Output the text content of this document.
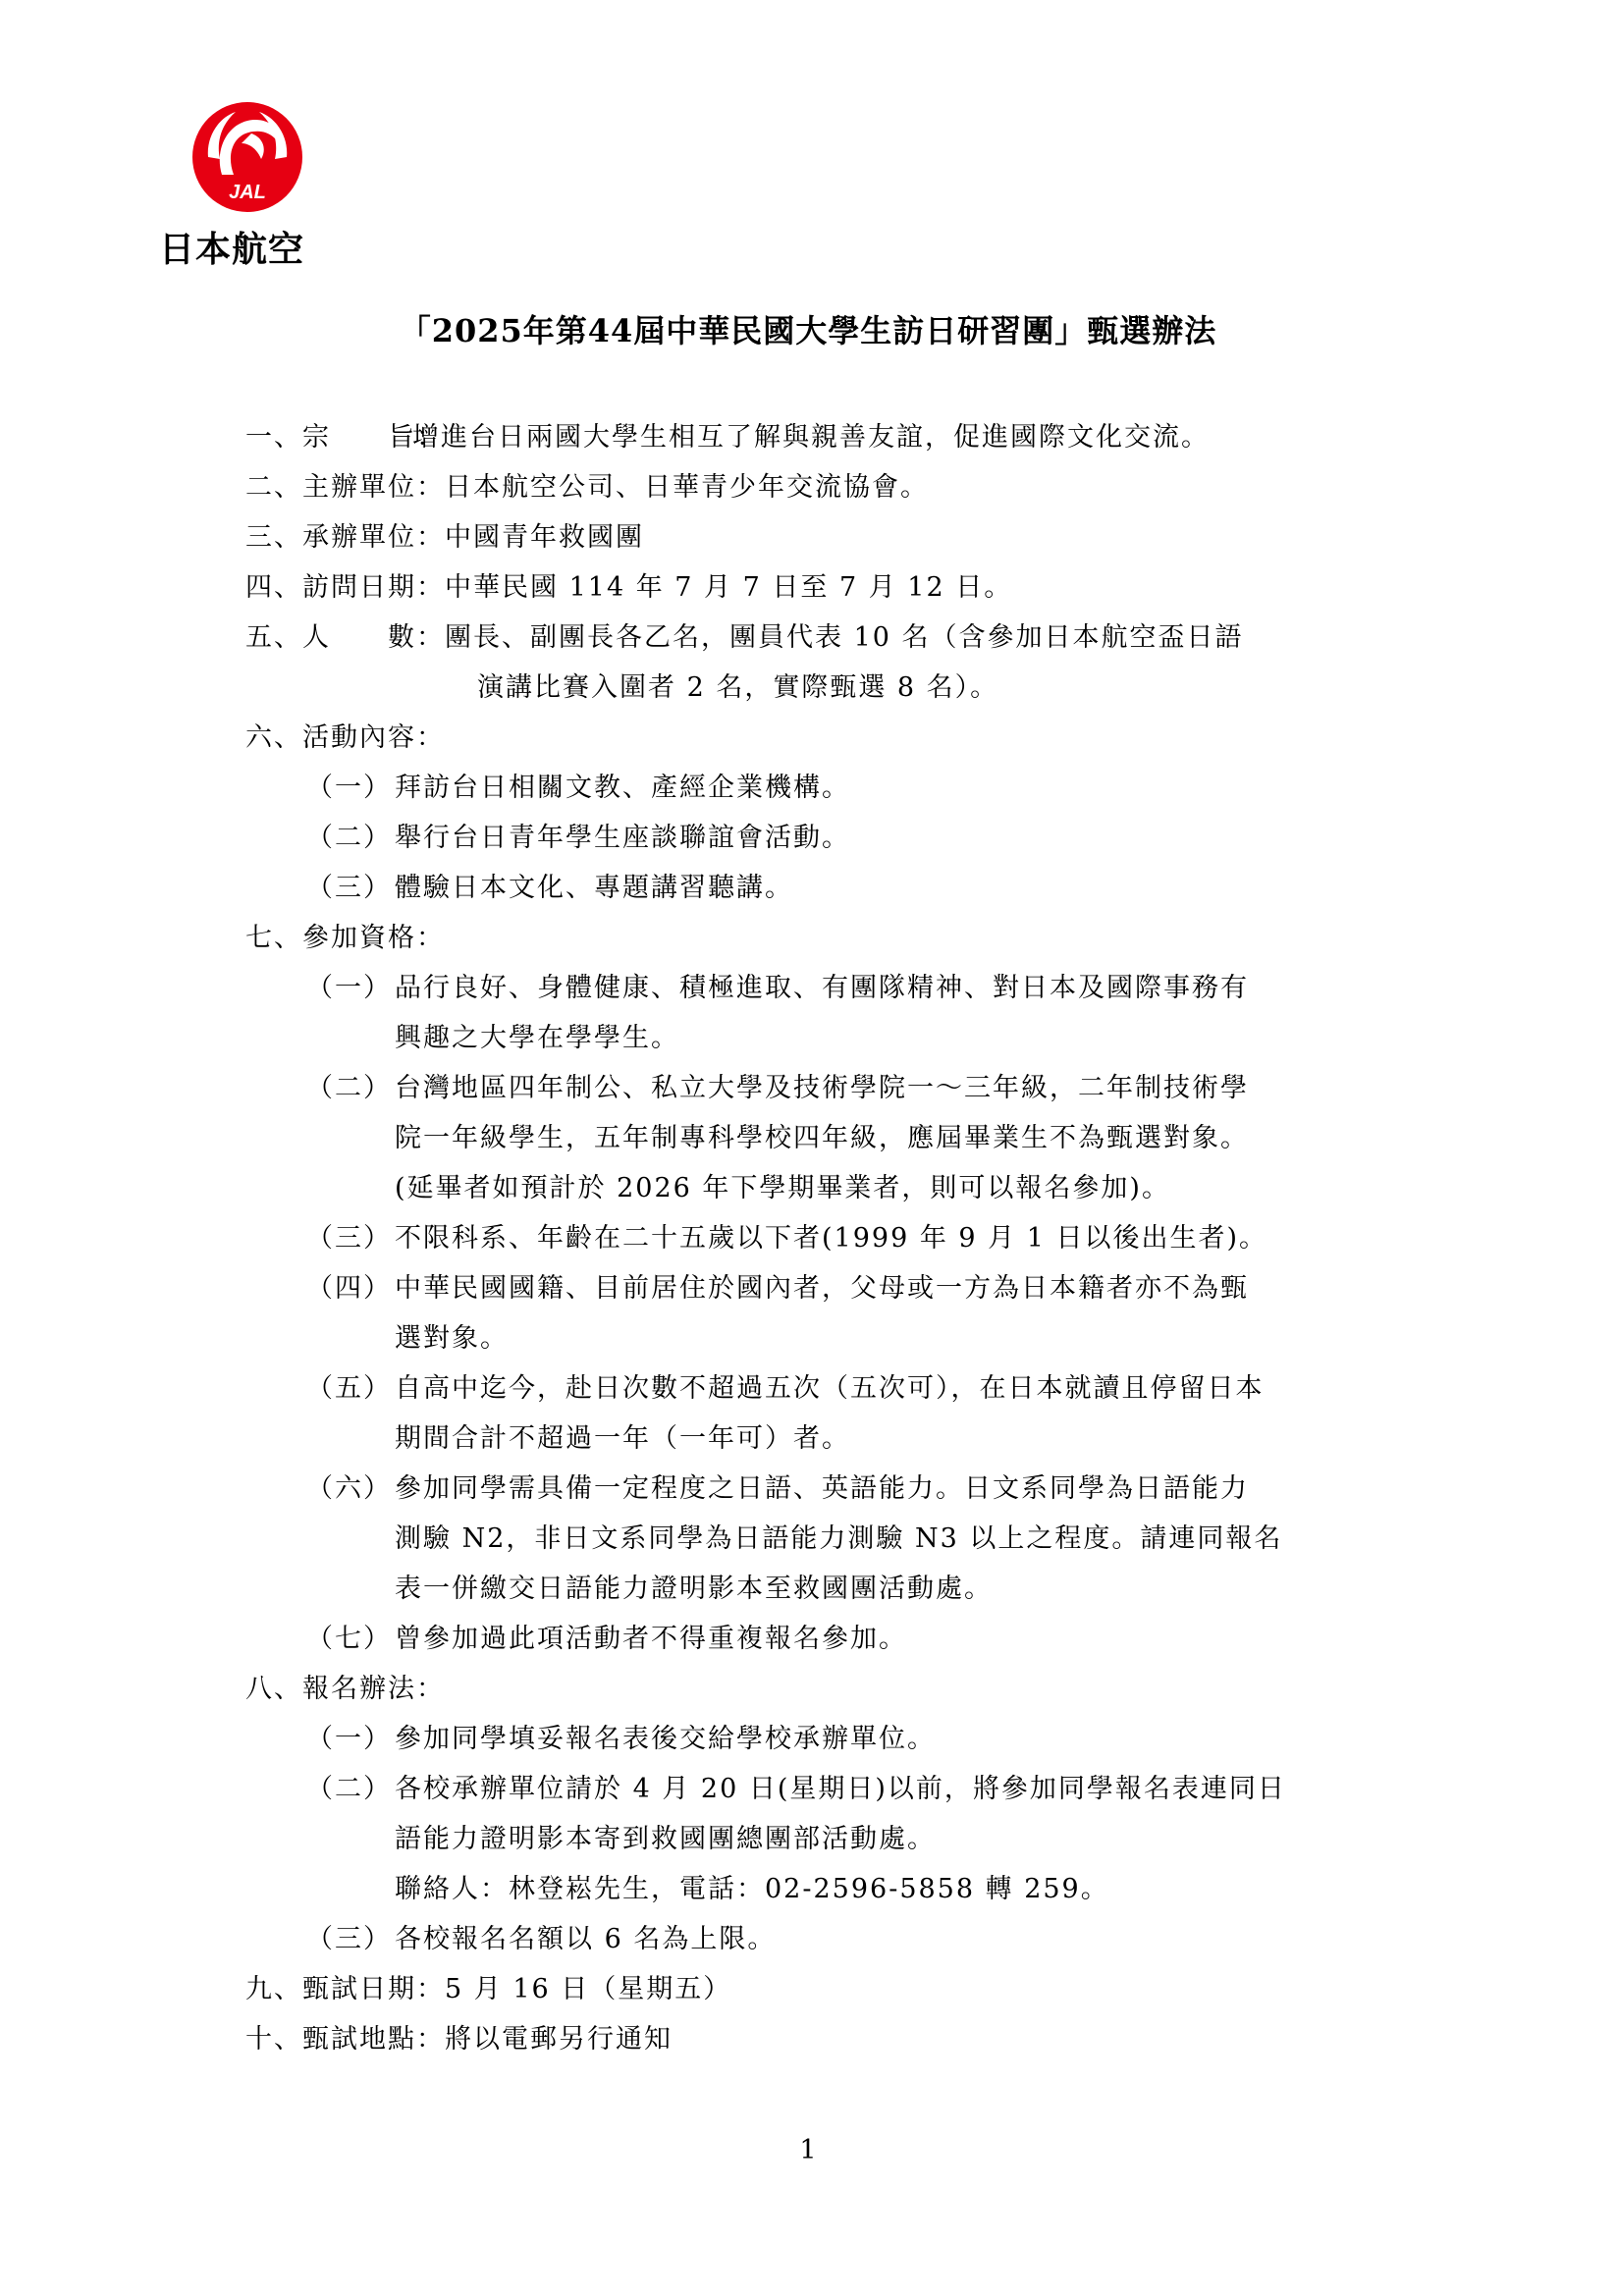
JAL
日本航空
「2025年第44屆中華民國大學生訪日研習團」甄選辦法
一、宗　　旨：
增進台日兩國大學生相互了解與親善友誼，促進國際文化交流。
二、主辦單位： 日本航空公司、日華青少年交流協會。
三、承辦單位： 中國青年救國團
四、訪問日期： 中華民國 114 年 7 月 7 日至 7 月 12 日。
五、人　　數： 團長、副團長各乙名，團員代表 10 名（含參加日本航空盃日語
演講比賽入圍者 2 名，實際甄選 8 名）。
六、活動內容：
（一） 拜訪台日相關文教、產經企業機構。
（二） 舉行台日青年學生座談聯誼會活動。
（三） 體驗日本文化、專題講習聽講。
七、參加資格：
（一） 品行良好、身體健康、積極進取、有團隊精神、對日本及國際事務有
興趣之大學在學學生。
（二） 台灣地區四年制公、私立大學及技術學院一～三年級，二年制技術學
院一年級學生，五年制專科學校四年級，應屆畢業生不為甄選對象。
(延畢者如預計於 2026 年下學期畢業者，則可以報名參加)。
（三） 不限科系、年齡在二十五歲以下者(1999 年 9 月 1 日以後出生者)。
（四） 中華民國國籍、目前居住於國內者，父母或一方為日本籍者亦不為甄
選對象。
（五） 自高中迄今，赴日次數不超過五次（五次可），在日本就讀且停留日本
期間合計不超過一年（一年可）者。
（六） 參加同學需具備一定程度之日語、英語能力。日文系同學為日語能力
測驗 N2，非日文系同學為日語能力測驗 N3 以上之程度。請連同報名
表一併繳交日語能力證明影本至救國團活動處。
（七） 曾參加過此項活動者不得重複報名參加。
八、報名辦法：
（一） 參加同學填妥報名表後交給學校承辦單位。
（二） 各校承辦單位請於 4 月 20 日(星期日)以前，將參加同學報名表連同日
語能力證明影本寄到救國團總團部活動處。
聯絡人：林登崧先生，電話：02-2596-5858 轉 259。
（三） 各校報名名額以 6 名為上限。
九、甄試日期： 5 月 16 日（星期五）
十、甄試地點： 將以電郵另行通知
1
